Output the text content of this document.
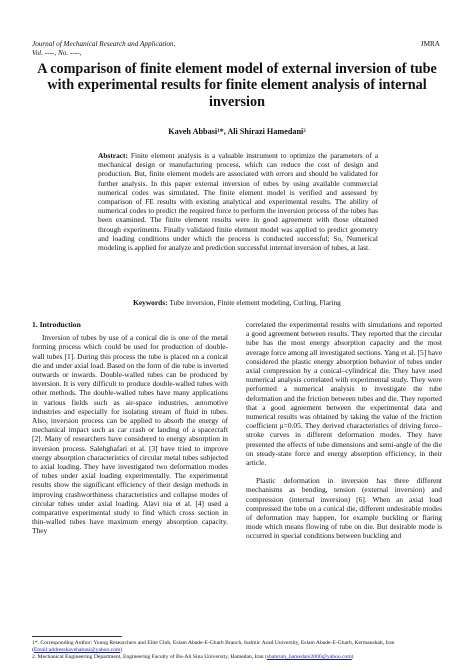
Journal of Mechanical Research and Application,
Vol. ----, No. ----,
JMRA
A comparison of finite element model of external inversion of tube with experimental results for finite element analysis of internal inversion
Kaveh Abbasi¹*, Ali Shirazi Hamedani²
Abstract: Finite element analysis is a valuable instrument to optimize the parameters of a mechanical design or manufacturing process, which can reduce the cost of design and production. But, finite element models are associated with errors and should be validated for further analysis. In this paper external inversion of tubes by using available commercial numerical codes was simulated. The finite element model is verified and assessed by comparison of FE results with existing analytical and experimental results. The ability of numerical codes to predict the required force to perform the inversion process of the tubes has been examined. The finite element results were in good agreement with those obtained through experiments. Finally validated finite element model was applied to predict geometry and loading conditions under which the process is conducted successful; So, Numerical modeling is applied for analyze and prediction successful internal inversion of tubes, at last.
Keywords: Tube inversion, Finite element modeling, Curling, Flaring
1. Introduction

Inversion of tubes by use of a conical die is one of the metal forming process which could be used for production of double-wall tubes [1]. During this process the tube is placed on a conical die and under axial load. Based on the form of die tube is inverted outwards or inwards. Double-walled tubes can be produced by inversion. It is very difficult to produce double-walled tubes with other methods. The double-walled tubes have many applications in various fields such as air-space industries, automotive industries and especially for isolating stream of fluid in tubes. Also, inversion process can be applied to absorb the energy of mechanical impact such as car crash or landing of a spacecraft [2]. Many of researchers have considered to energy absorption in inversion process. Salehghafari et al. [3] have tried to improve energy absorption characteristics of circular metal tubes subjected to axial loading. They have investigated two deformation modes of tubes under axial loading experimentally. The experimental results show the significant efficiency of their design methods in improving crashworthiness characteristics and collapse modes of circular tubes under axial loading. Alavi nia et al. [4] used a comparative experimental study to find which cross section in thin-walled tubes have maximum energy absorption capacity. They

correlated the experimental results with simulations and reported a good agreement between results. They reported that the circular tube has the most energy absorption capacity and the most average force among all investigated sections. Yang et al. [5] have considered the plastic energy absorption behavior of tubes under axial compression by a conical–cylindrical die. They have used numerical analysis correlated with experimental study. They were performed a numerical analysis to investigate the tube deformation and the friction between tubes and die. They reported that a good agreement between the experimental data and numerical results was obtained by taking the value of the friction coefficient μ=0.05. They derived characteristics of driving force–stroke curves in different deformation modes. They have presented the effects of tube dimensions and semi-angle of the die on steady-state force and energy absorption efficiency, in their article.

Plastic deformation in inversion has three different mechanisms as bending, tension (external inversion) and compression (internal inversion) [6]. When an axial load compressed the tube on a conical die, different undesirable modes of deformation may happen, for example buckling or flaring mode which means flowing of tube on die. But desirable mode is occurred in special conditions between buckling and

1*. Corresponding Author: Young Researchers and Elite Club, Eslam Abade-E-Gharb Branch, Isalmic Azad University, Eslam Abade-E-Gharb, Kermanshah, Iran (Email:addresskavehabasi@yahoo.com)
2. Mechanical Engineering Department, Engineering Faculty of Bu-Ali Sina University, Hamedan, Iran (shahrum_hamedani2000@yahoo.com)
